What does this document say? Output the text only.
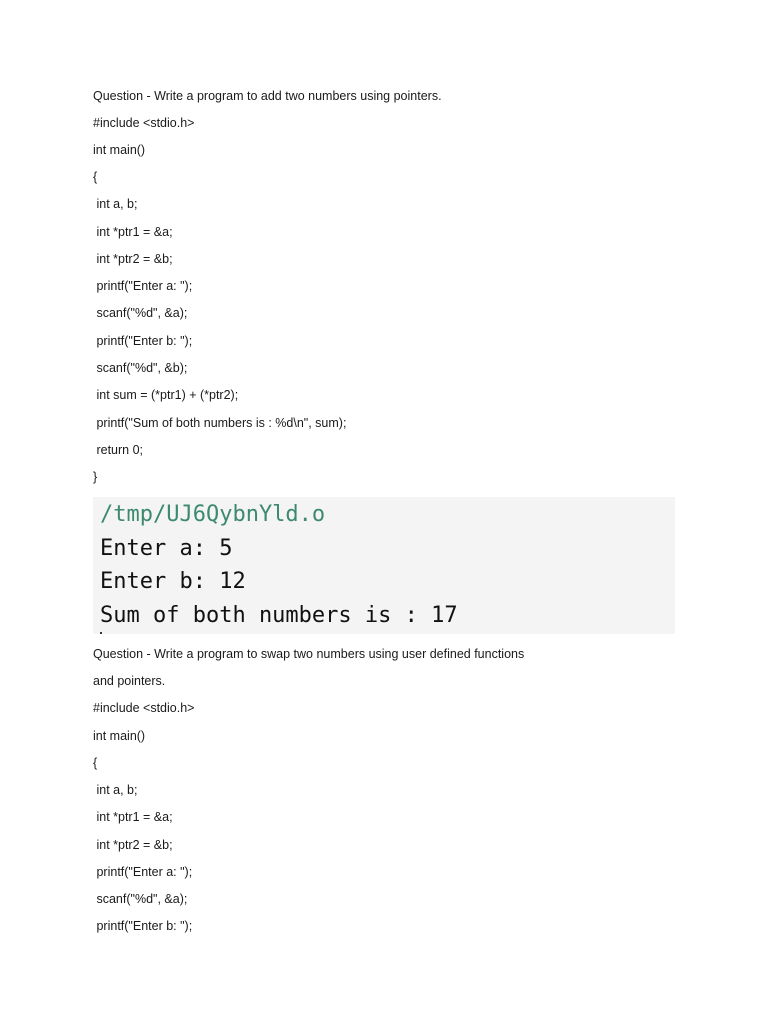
Question - Write a program to add two numbers using pointers.
#include <stdio.h>
int main()
{
int a, b;
int *ptr1 = &a;
int *ptr2 = &b;
printf("Enter a: ");
scanf("%d", &a);
printf("Enter b: ");
scanf("%d", &b);
int sum = (*ptr1) + (*ptr2);
printf("Sum of both numbers is : %d\n", sum);
return 0;
}
/tmp/UJ6QybnYld.o
Enter a: 5
Enter b: 12
Sum of both numbers is : 17
Question - Write a program to swap two numbers using user defined functions
and pointers.
#include <stdio.h>
int main()
{
int a, b;
int *ptr1 = &a;
int *ptr2 = &b;
printf("Enter a: ");
scanf("%d", &a);
printf("Enter b: ");
